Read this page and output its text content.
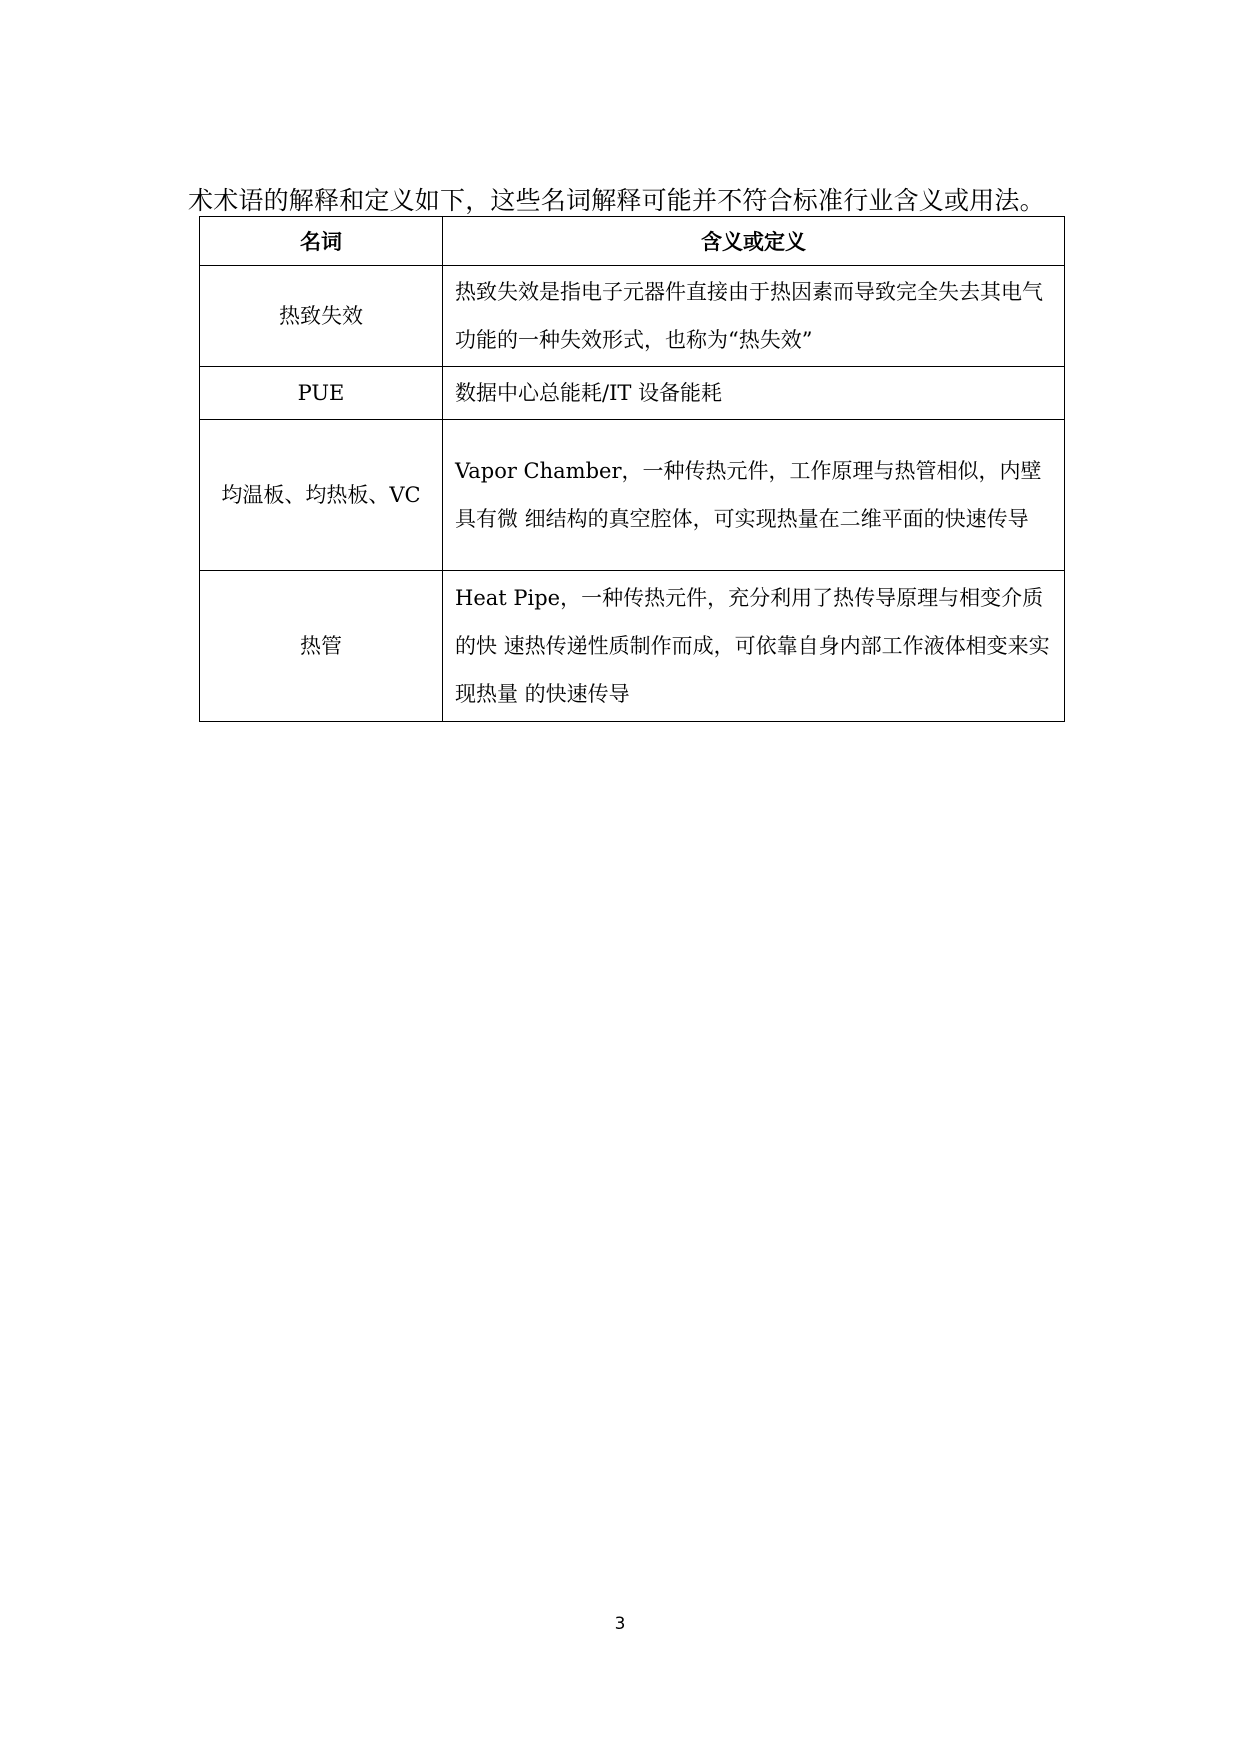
术术语的解释和定义如下，这些名词解释可能并不符合标准行业含义或用法。

名词	含义或定义
热致失效	热致失效是指电子元器件直接由于热因素而导致完全失去其电气功能的一种失效形式，也称为“热失效”
PUE	数据中心总能耗/IT 设备能耗
均温板、均热板、VC	Vapor Chamber，一种传热元件，工作原理与热管相似，内壁具有微 细结构的真空腔体，可实现热量在二维平面的快速传导
热管	Heat Pipe，一种传热元件，充分利用了热传导原理与相变介质的快 速热传递性质制作而成，可依靠自身内部工作液体相变来实现热量 的快速传导
3
